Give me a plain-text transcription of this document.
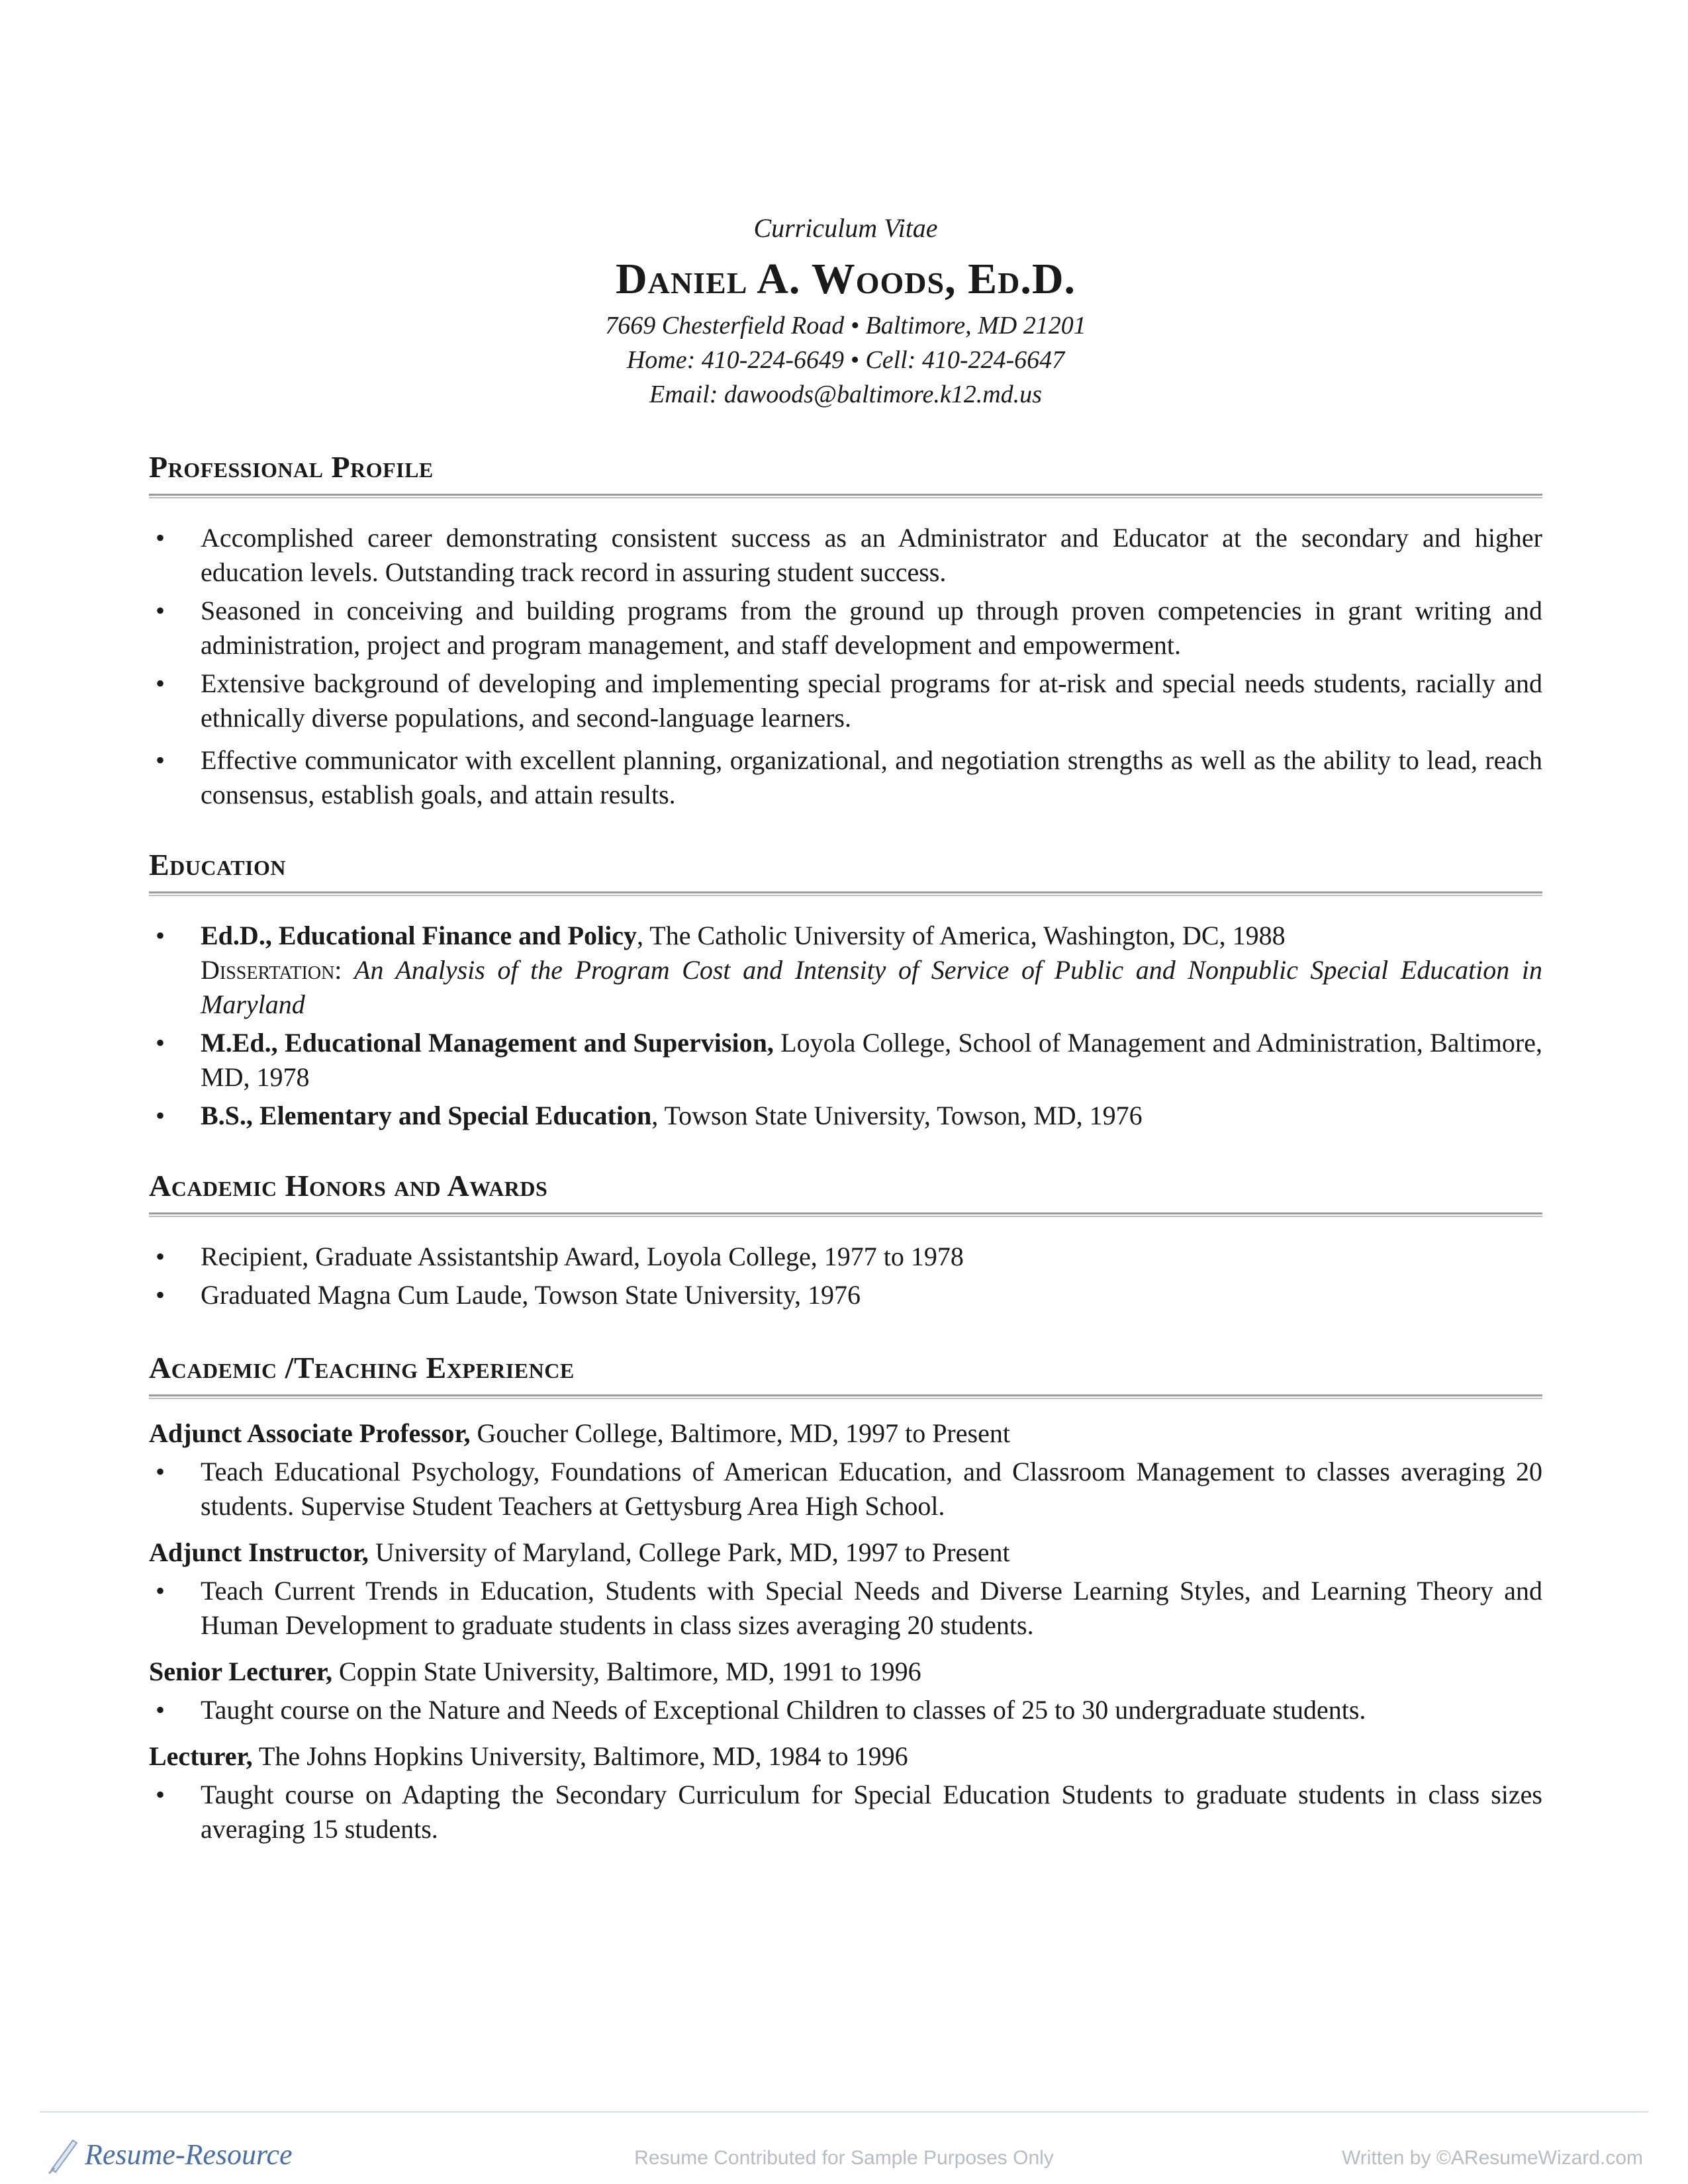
Curriculum Vitae

Daniel A. Woods, Ed.D.

7669 Chesterfield Road • Baltimore, MD 21201

Home: 410-224-6649 • Cell: 410-224-6647

Email: dawoods@baltimore.k12.md.us

Professional Profile
• Accomplished career demonstrating consistent success as an Administrator and Educator at the secondary and higher education levels. Outstanding track record in assuring student success.
• Seasoned in conceiving and building programs from the ground up through proven competencies in grant writing and administration, project and program management, and staff development and empowerment.
• Extensive background of developing and implementing special programs for at-risk and special needs students, racially and ethnically diverse populations, and second-language learners.
• Effective communicator with excellent planning, organizational, and negotiation strengths as well as the ability to lead, reach consensus, establish goals, and attain results.
Education
• Ed.D., Educational Finance and Policy, The Catholic University of America, Washington, DC, 1988
Dissertation: An Analysis of the Program Cost and Intensity of Service of Public and Nonpublic Special Education in Maryland
• M.Ed., Educational Management and Supervision, Loyola College, School of Management and Administration, Baltimore, MD, 1978
• B.S., Elementary and Special Education, Towson State University, Towson, MD, 1976
Academic Honors and Awards
• Recipient, Graduate Assistantship Award, Loyola College, 1977 to 1978
• Graduated Magna Cum Laude, Towson State University, 1976
Academic /Teaching Experience

Adjunct Associate Professor, Goucher College, Baltimore, MD, 1997 to Present

• Teach Educational Psychology, Foundations of American Education, and Classroom Management to classes averaging 20 students. Supervise Student Teachers at Gettysburg Area High School.

Adjunct Instructor, University of Maryland, College Park, MD, 1997 to Present

• Teach Current Trends in Education, Students with Special Needs and Diverse Learning Styles, and Learning Theory and Human Development to graduate students in class sizes averaging 20 students.

Senior Lecturer, Coppin State University, Baltimore, MD, 1991 to 1996

• Taught course on the Nature and Needs of Exceptional Children to classes of 25 to 30 undergraduate students.

Lecturer, The Johns Hopkins University, Baltimore, MD, 1984 to 1996

• Taught course on Adapting the Secondary Curriculum for Special Education Students to graduate students in class sizes averaging 15 students.
Resume-Resource	Resume Contributed for Sample Purposes Only	Written by ©AResumeWizard.com
